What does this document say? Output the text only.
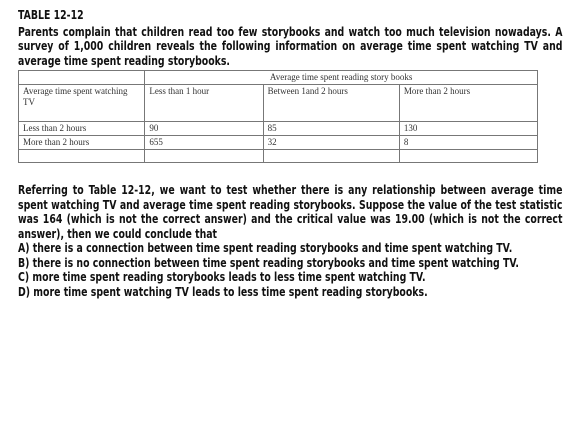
TABLE 12-12
Parents complain that children read too few storybooks and watch too much television nowadays. A survey of 1,000 children reveals the following information on average time spent watching TV and average time spent reading storybooks.
	Average time spent reading story books		
Average time spent watching TV	Less than 1 hour	Between 1and 2 hours	More than 2 hours
Less than 2 hours	90	85	130
More than 2 hours	655	32	8

Referring to Table 12-12, we want to test whether there is any relationship between average time spent watching TV and average time spent reading storybooks. Suppose the value of the test statistic was 164 (which is not the correct answer) and the critical value was 19.00 (which is not the correct answer), then we could conclude that
A) there is a connection between time spent reading storybooks and time spent watching TV.
B) there is no connection between time spent reading storybooks and time spent watching TV.
C) more time spent reading storybooks leads to less time spent watching TV.
D) more time spent watching TV leads to less time spent reading storybooks.
